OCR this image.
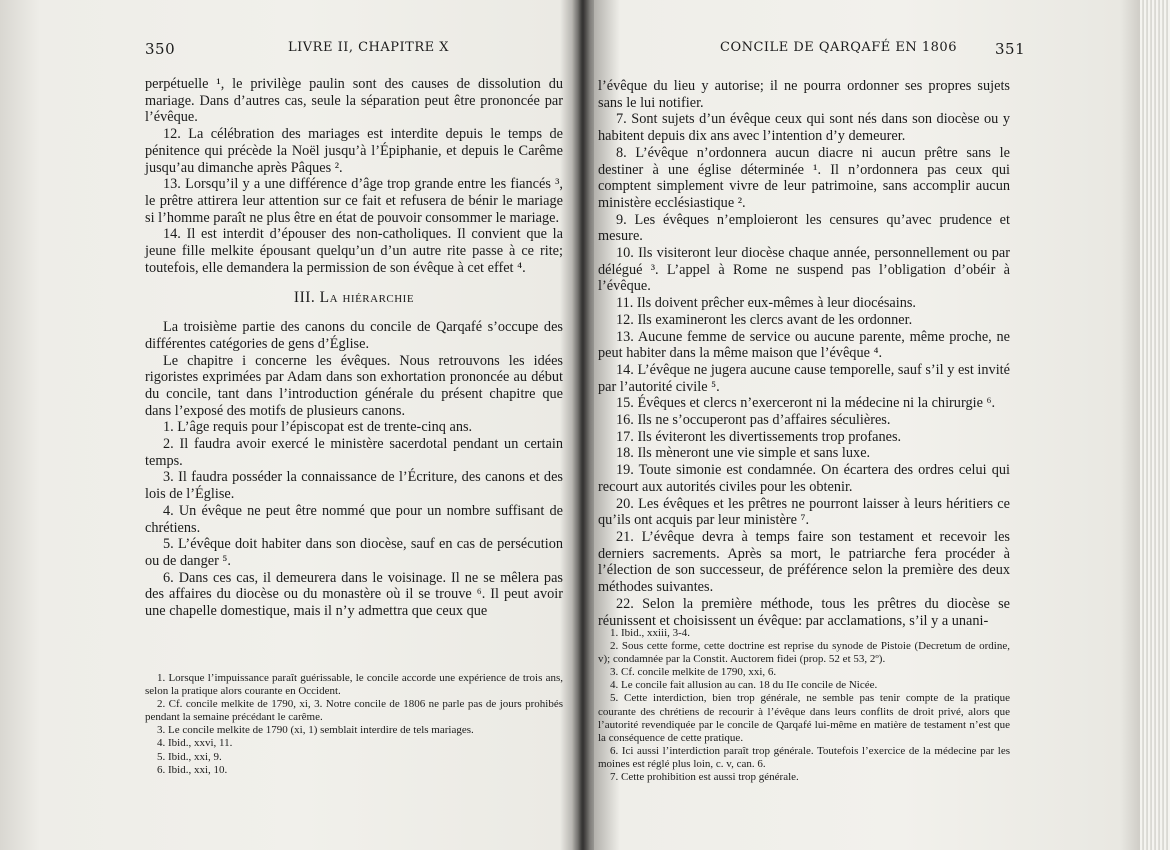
350	LIVRE II, CHAPITRE X

perpétuelle ¹, le privilège paulin sont des causes de dissolution du mariage. Dans d’autres cas, seule la séparation peut être prononcée par l’évêque.

12. La célébration des mariages est interdite depuis le temps de pénitence qui précède la Noël jusqu’à l’Épiphanie, et depuis le Carême jusqu’au dimanche après Pâques ².

13. Lorsqu’il y a une différence d’âge trop grande entre les fiancés ³, le prêtre attirera leur attention sur ce fait et refusera de bénir le mariage si l’homme paraît ne plus être en état de pouvoir consommer le mariage.

14. Il est interdit d’épouser des non-catholiques. Il convient que la jeune fille melkite épousant quelqu’un d’un autre rite passe à ce rite; toutefois, elle demandera la permission de son évêque à cet effet ⁴.

III. La hiérarchie

La troisième partie des canons du concile de Qarqafé s’occupe des différentes catégories de gens d’Église.

Le chapitre i concerne les évêques. Nous retrouvons les idées rigoristes exprimées par Adam dans son exhortation prononcée au début du concile, tant dans l’introduction générale du présent chapitre que dans l’exposé des motifs de plusieurs canons.

1. L’âge requis pour l’épiscopat est de trente-cinq ans.

2. Il faudra avoir exercé le ministère sacerdotal pendant un certain temps.

3. Il faudra posséder la connaissance de l’Écriture, des canons et des lois de l’Église.

4. Un évêque ne peut être nommé que pour un nombre suffisant de chrétiens.

5. L’évêque doit habiter dans son diocèse, sauf en cas de persécution ou de danger ⁵.

6. Dans ces cas, il demeurera dans le voisinage. Il ne se mêlera pas des affaires du diocèse ou du monastère où il se trouve ⁶. Il peut avoir une chapelle domestique, mais il n’y admettra que ceux que

1. Lorsque l’impuissance paraît guérissable, le concile accorde une expérience de trois ans, selon la pratique alors courante en Occident.

2. Cf. concile melkite de 1790, xi, 3. Notre concile de 1806 ne parle pas de jours prohibés pendant la semaine précédant le carême.

3. Le concile melkite de 1790 (xi, 1) semblait interdire de tels mariages.

4. Ibid., xxvi, 11.

5. Ibid., xxi, 9.

6. Ibid., xxi, 10.

CONCILE DE QARQAFÉ EN 1806	351

l’évêque du lieu y autorise; il ne pourra ordonner ses propres sujets sans le lui notifier.

7. Sont sujets d’un évêque ceux qui sont nés dans son diocèse ou y habitent depuis dix ans avec l’intention d’y demeurer.

8. L’évêque n’ordonnera aucun diacre ni aucun prêtre sans le destiner à une église déterminée ¹. Il n’ordonnera pas ceux qui comptent simplement vivre de leur patrimoine, sans accomplir aucun ministère ecclésiastique ².

9. Les évêques n’emploieront les censures qu’avec prudence et mesure.

10. Ils visiteront leur diocèse chaque année, personnellement ou par délégué ³. L’appel à Rome ne suspend pas l’obligation d’obéir à l’évêque.

11. Ils doivent prêcher eux-mêmes à leur diocésains.

12. Ils examineront les clercs avant de les ordonner.

13. Aucune femme de service ou aucune parente, même proche, ne peut habiter dans la même maison que l’évêque ⁴.

14. L’évêque ne jugera aucune cause temporelle, sauf s’il y est invité par l’autorité civile ⁵.

15. Évêques et clercs n’exerceront ni la médecine ni la chirurgie ⁶.

16. Ils ne s’occuperont pas d’affaires séculières.

17. Ils éviteront les divertissements trop profanes.

18. Ils mèneront une vie simple et sans luxe.

19. Toute simonie est condamnée. On écartera des ordres celui qui recourt aux autorités civiles pour les obtenir.

20. Les évêques et les prêtres ne pourront laisser à leurs héritiers ce qu’ils ont acquis par leur ministère ⁷.

21. L’évêque devra à temps faire son testament et recevoir les derniers sacrements. Après sa mort, le patriarche fera procéder à l’élection de son successeur, de préférence selon la première des deux méthodes suivantes.

22. Selon la première méthode, tous les prêtres du diocèse se réunissent et choisissent un évêque: par acclamations, s’il y a unani-

1. Ibid., xxiii, 3-4.

2. Sous cette forme, cette doctrine est reprise du synode de Pistoie (Decretum de ordine, v); condamnée par la Constit. Auctorem fidei (prop. 52 et 53, 2º).

3. Cf. concile melkite de 1790, xxi, 6.

4. Le concile fait allusion au can. 18 du IIe concile de Nicée.

5. Cette interdiction, bien trop générale, ne semble pas tenir compte de la pratique courante des chrétiens de recourir à l’évêque dans leurs conflits de droit privé, alors que l’autorité revendiquée par le concile de Qarqafé lui-même en matière de testament n’est que la conséquence de cette pratique.

6. Ici aussi l’interdiction paraît trop générale. Toutefois l’exercice de la médecine par les moines est réglé plus loin, c. v, can. 6.

7. Cette prohibition est aussi trop générale.
